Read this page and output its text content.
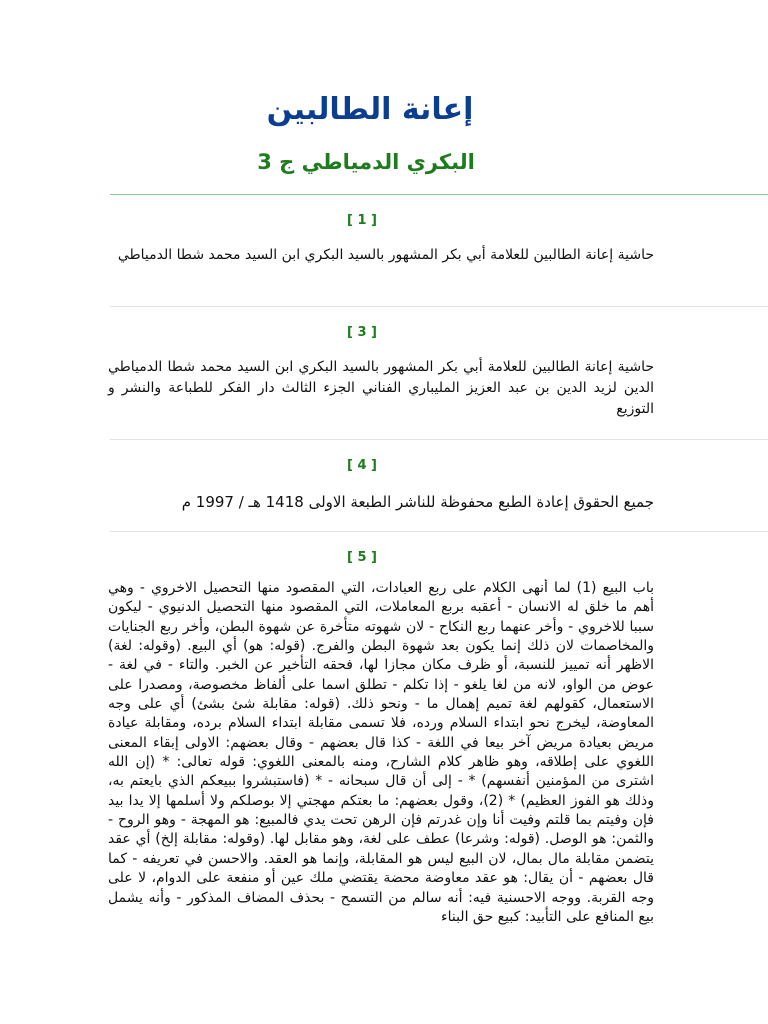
إعانة الطالبين
البكري الدمياطي ج 3
[ 1 ]

حاشية إعانة الطالبين للعلامة أبي بكر المشهور بالسيد البكري ابن السيد محمد شطا الدمياطي

[ 3 ]

حاشية إعانة الطالبين للعلامة أبي بكر المشهور بالسيد البكري ابن السيد محمد شطا الدمياطي الدين لزيد الدين بن عبد العزيز المليباري الفناني الجزء الثالث دار الفكر للطباعة والنشر و التوزيع

[ 4 ]

جميع الحقوق إعادة الطبع محفوظة للناشر الطبعة الاولى 1418 هـ / 1997 م

[ 5 ]

باب البيع (1) لما أنهى الكلام على ربع العبادات، التي المقصود منها التحصيل الاخروي - وهي أهم ما خلق له الانسان - أعقبه بربع المعاملات، التي المقصود منها التحصيل الدنيوي - ليكون سببا للاخروي - وأخر عنهما ربع النكاح - لان شهوته متأخرة عن شهوة البطن، وأخر ربع الجنايات والمخاصمات لان ذلك إنما يكون بعد شهوة البطن والفرج. (قوله: هو) أي البيع. (وقوله: لغة) الاظهر أنه تمييز للنسبة، أو ظرف مكان مجازا لها، فحقه التأخير عن الخبر. والتاء - في لغة - عوض من الواو، لانه من لغا يلغو - إذا تكلم - تطلق اسما على ألفاظ مخصوصة، ومصدرا على الاستعمال، كقولهم لغة تميم إهمال ما - ونحو ذلك. (قوله: مقابلة شئ بشئ) أي على وجه المعاوضة، ليخرج نحو ابتداء السلام ورده، فلا تسمى مقابلة ابتداء السلام برده، ومقابلة عيادة مريض بعيادة مريض آخر بيعا في اللغة - كذا قال بعضهم - وقال بعضهم: الاولى إبقاء المعنى اللغوي على إطلاقه، وهو ظاهر كلام الشارح، ومنه بالمعنى اللغوي: قوله تعالى: * (إن الله اشترى من المؤمنين أنفسهم) * - إلى أن قال سبحانه - * (فاستبشروا ببيعكم الذي بايعتم به، وذلك هو الفوز العظيم) * (2)، وقول بعضهم: ما بعتكم مهجتي إلا بوصلكم ولا أسلمها إلا يدا بيد فإن وفيتم بما قلتم وفيت أنا وإن غدرتم فإن الرهن تحت يدي فالمبيع: هو المهجة - وهو الروح - والثمن: هو الوصل. (قوله: وشرعا) عطف على لغة، وهو مقابل لها. (وقوله: مقابلة إلخ) أي عقد يتضمن مقابلة مال بمال، لان البيع ليس هو المقابلة، وإنما هو العقد. والاحسن في تعريفه - كما قال بعضهم - أن يقال: هو عقد معاوضة محضة يقتضي ملك عين أو منفعة على الدوام، لا على وجه القربة. ووجه الاحسنية فيه: أنه سالم من التسمح - بحذف المضاف المذكور - وأنه يشمل بيع المنافع على التأبيد: كبيع حق البناء
